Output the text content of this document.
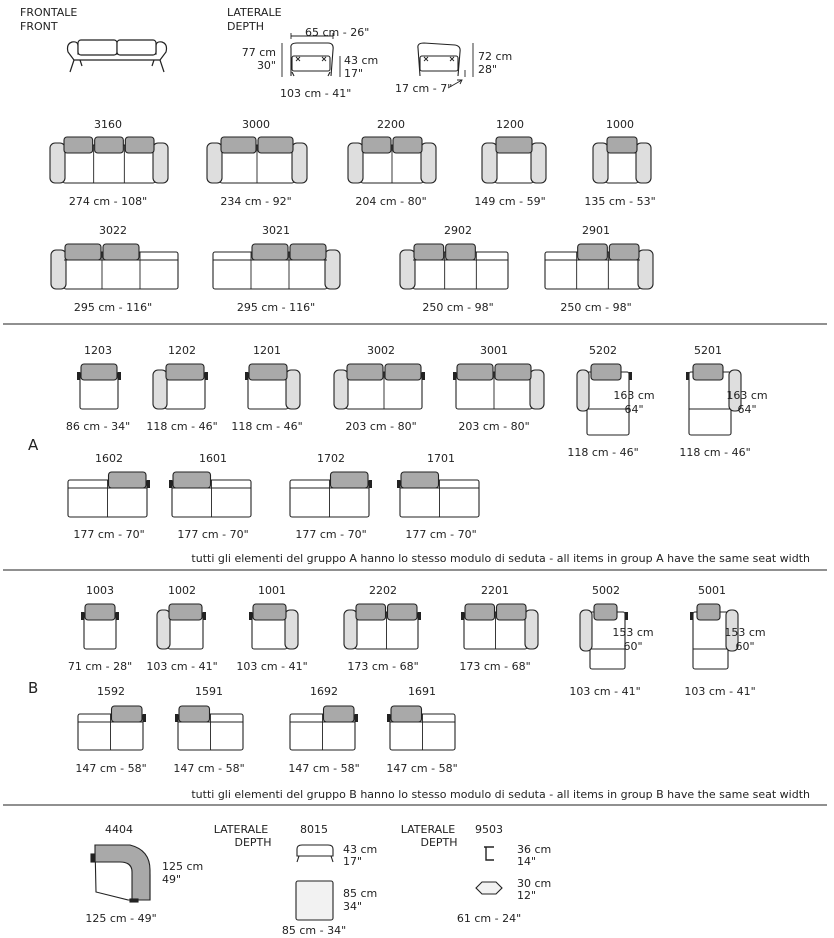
FRONTALE
FRONT
LATERALE
DEPTH	65 cm - 26"
77 cm
30"	43 cm
17"
103 cm - 41"
72 cm
28"
17 cm - 7"
A
B
tutti gli elementi del gruppo A hanno lo stesso modulo di seduta - all items in group A have the same seat width
tutti gli elementi del gruppo B hanno lo stesso modulo di seduta - all items in group B have the same seat width
4404
125 cm - 49"
125 cm
49"
LATERALE
DEPTH
8015
43 cm
17"
85 cm
34"
85 cm - 34"
LATERALE
DEPTH
9503
36 cm
14"
30 cm
12"
61 cm - 24"
3160
274 cm - 108"
3000
234 cm - 92"
2200
204 cm - 80"
1200
149 cm - 59"
1000
135 cm - 53"
3022
295 cm - 116"
3021
295 cm - 116"
2902
250 cm - 98"
2901
250 cm - 98"
1203
86 cm - 34"
1202
118 cm - 46"
1201
118 cm - 46"
3002
203 cm - 80"
3001
203 cm - 80"
5202
163 cm
64"
118 cm - 46"
5201
163 cm
64"
118 cm - 46"
1602
177 cm - 70"
1601
177 cm - 70"
1702
177 cm - 70"
1701
177 cm - 70"
1003
71 cm - 28"
1002
103 cm - 41"
1001
103 cm - 41"
2202
173 cm - 68"
2201
173 cm - 68"
5002
153 cm
60"
103 cm - 41"
5001
153 cm
60"
103 cm - 41"
1592
147 cm - 58"
1591
147 cm - 58"
1692
147 cm - 58"
1691
147 cm - 58"
